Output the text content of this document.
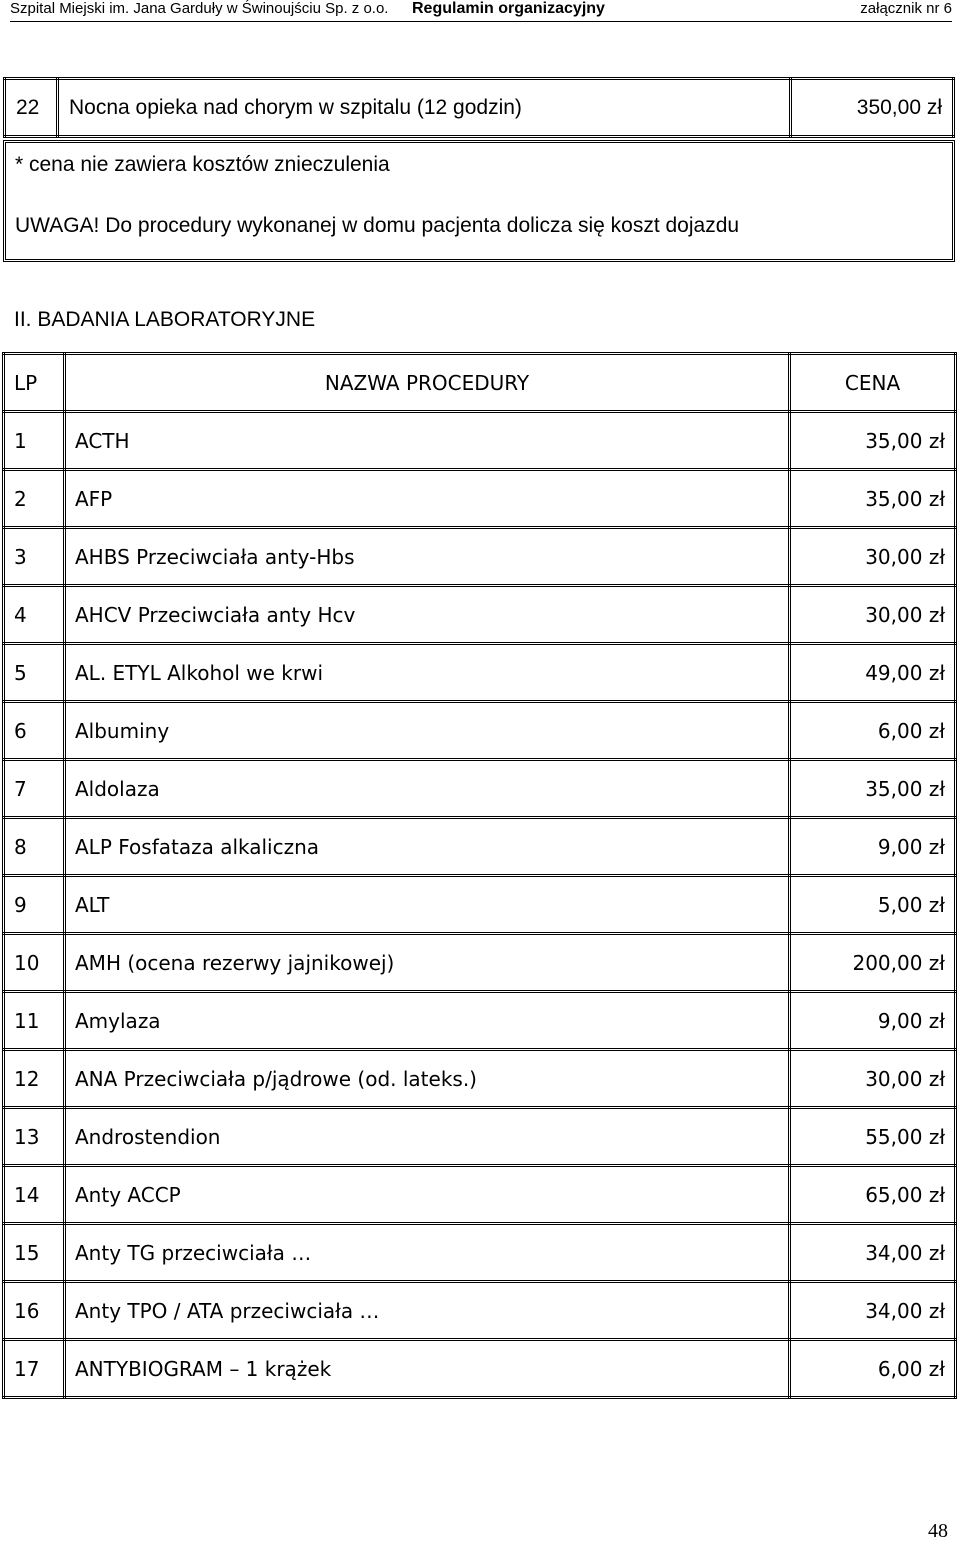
Szpital Miejski im. Jana Garduły w Świnoujściu Sp. z o.o. Regulamin organizacyjny	załącznik nr 6
22	Nocna opieka nad chorym w szpitalu (12 godzin)	350,00 zł
* cena nie zawiera kosztów znieczulenia
UWAGA! Do procedury wykonanej w domu pacjenta dolicza się koszt dojazdu
II. BADANIA LABORATORYJNE
LP	NAZWA PROCEDURY	CENA
1	ACTH	35,00 zł
2	AFP	35,00 zł
3	AHBS Przeciwciała anty-Hbs	30,00 zł
4	AHCV Przeciwciała anty Hcv	30,00 zł
5	AL. ETYL Alkohol we krwi	49,00 zł
6	Albuminy	6,00 zł
7	Aldolaza	35,00 zł
8	ALP Fosfataza alkaliczna	9,00 zł
9	ALT	5,00 zł
10	AMH (ocena rezerwy jajnikowej)	200,00 zł
11	Amylaza	9,00 zł
12	ANA Przeciwciała p/jądrowe (od. lateks.)	30,00 zł
13	Androstendion	55,00 zł
14	Anty ACCP	65,00 zł
15	Anty TG przeciwciała …	34,00 zł
16	Anty TPO / ATA przeciwciała …	34,00 zł
17	ANTYBIOGRAM – 1 krążek	6,00 zł
48
